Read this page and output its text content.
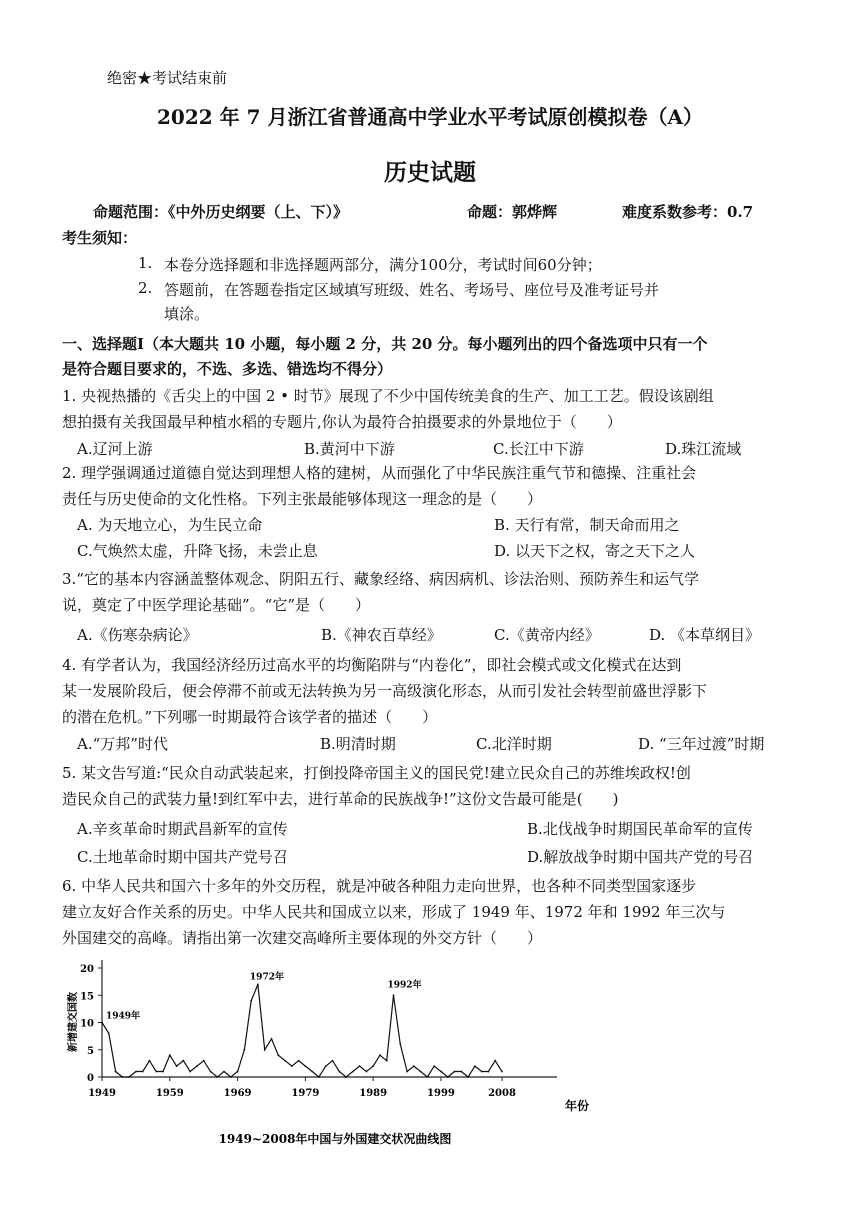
绝密★考试结束前
2022 年 7 月浙江省普通高中学业水平考试原创模拟卷（A）
历史试题
命题范围：《中外历史纲要（上、下）》	命题：郭烨辉	难度系数参考：0.7
考生须知：
1. 本卷分选择题和非选择题两部分，满分100分，考试时间60分钟；
2. 答题前，在答题卷指定区域填写班级、姓名、考场号、座位号及准考证号并
填涂。
一、选择题Ⅰ（本大题共 10 小题，每小题 2 分，共 20 分。每小题列出的四个备选项中只有一个
是符合题目要求的，不选、多选、错选均不得分）
1. 央视热播的《舌尖上的中国 2 • 时节》展现了不少中国传统美食的生产、加工工艺。假设该剧组
想拍摄有关我国最早种植水稻的专题片,你认为最符合拍摄要求的外景地位于（　　）
A.辽河上游	B.黄河中下游	C.长江中下游	D.珠江流域
2. 理学强调通过道德自觉达到理想人格的建树，从而强化了中华民族注重气节和德操、注重社会
责任与历史使命的文化性格。下列主张最能够体现这一理念的是（　　）
A. 为天地立心，为生民立命	B. 天行有常，制天命而用之
C.气焕然太虚，升降飞扬，未尝止息	D. 以天下之权，寄之天下之人
3.“它的基本内容涵盖整体观念、阴阳五行、藏象经络、病因病机、诊法治则、预防养生和运气学
说，奠定了中医学理论基础”。“它”是（　　）
A.《伤寒杂病论》	B.《神农百草经》	C.《黄帝内经》	D. 《本草纲目》
4. 有学者认为，我国经济经历过高水平的均衡陷阱与“内卷化”，即社会模式或文化模式在达到
某一发展阶段后，便会停滞不前或无法转换为另一高级演化形态，从而引发社会转型前盛世浮影下
的潜在危机。”下列哪一时期最符合该学者的描述（　　）
A.“万邦”时代	B.明清时期	C.北洋时期	D. “三年过渡”时期
5. 某文告写道:“民众自动武装起来，打倒投降帝国主义的国民党!建立民众自己的苏维埃政权!创
造民众自己的武装力量!到红军中去，进行革命的民族战争!”这份文告最可能是(　　)
A.辛亥革命时期武昌新军的宣传	B.北伐战争时期国民革命军的宣传
C.土地革命时期中国共产党号召	D.解放战争时期中国共产党的号召
6. 中华人民共和国六十多年的外交历程，就是冲破各种阻力走向世界，也各种不同类型国家逐步
建立友好合作关系的历史。中华人民共和国成立以来，形成了 1949 年、1972 年和 1992 年三次与
外国建交的高峰。请指出第一次建交高峰所主要体现的外交方针（　　）
0
5
10
15
20
1949	1959	1969	1979	1989	1999	2008
1949年
1972年
1992年
新增建交国数
年份
1949~2008年中国与外国建交状况曲线图
